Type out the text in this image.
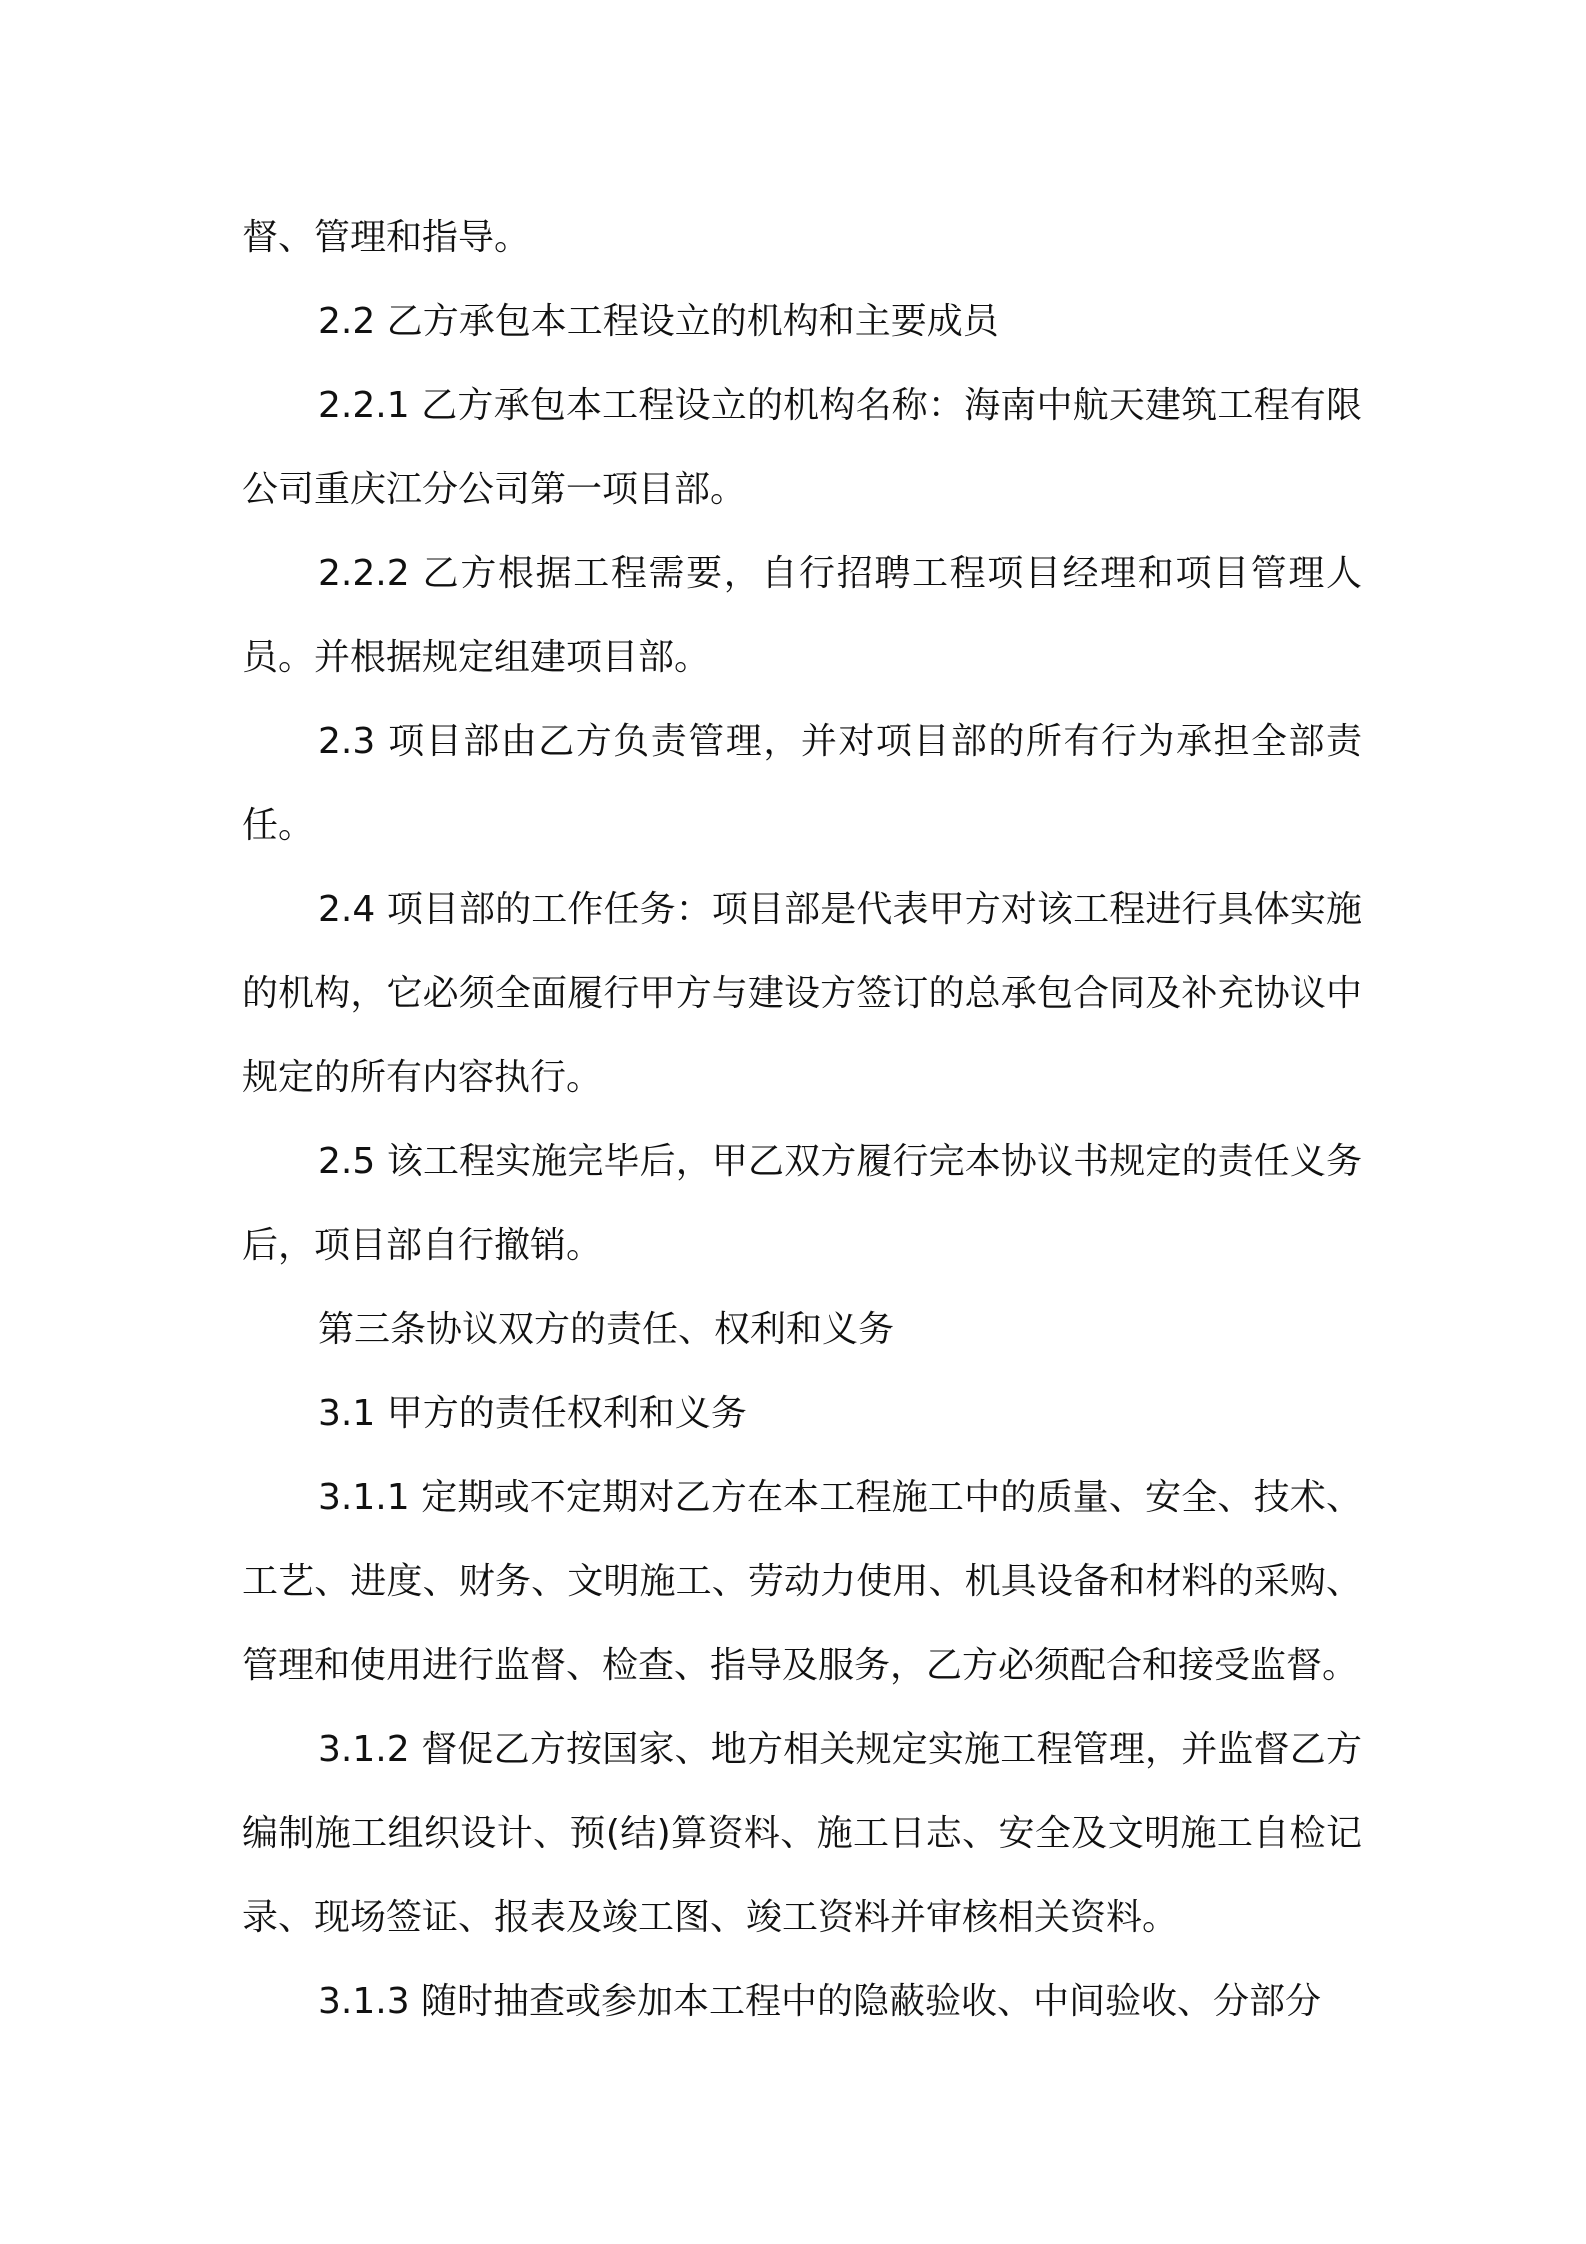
督、管理和指导。

2.2 乙方承包本工程设立的机构和主要成员

2.2.1 乙方承包本工程设立的机构名称：海南中航天建筑工程有限公司重庆江分公司第一项目部。

2.2.2 乙方根据工程需要，自行招聘工程项目经理和项目管理人员。并根据规定组建项目部。

2.3 项目部由乙方负责管理，并对项目部的所有行为承担全部责任。

2.4 项目部的工作任务：项目部是代表甲方对该工程进行具体实施的机构，它必须全面履行甲方与建设方签订的总承包合同及补充协议中规定的所有内容执行。

2.5 该工程实施完毕后，甲乙双方履行完本协议书规定的责任义务后，项目部自行撤销。

第三条协议双方的责任、权利和义务

3.1 甲方的责任权利和义务

3.1.1 定期或不定期对乙方在本工程施工中的质量、安全、技术、工艺、进度、财务、文明施工、劳动力使用、机具设备和材料的采购、管理和使用进行监督、检查、指导及服务，乙方必须配合和接受监督。

3.1.2 督促乙方按国家、地方相关规定实施工程管理，并监督乙方编制施工组织设计、预(结)算资料、施工日志、安全及文明施工自检记录、现场签证、报表及竣工图、竣工资料并审核相关资料。

3.1.3 随时抽查或参加本工程中的隐蔽验收、中间验收、分部分
